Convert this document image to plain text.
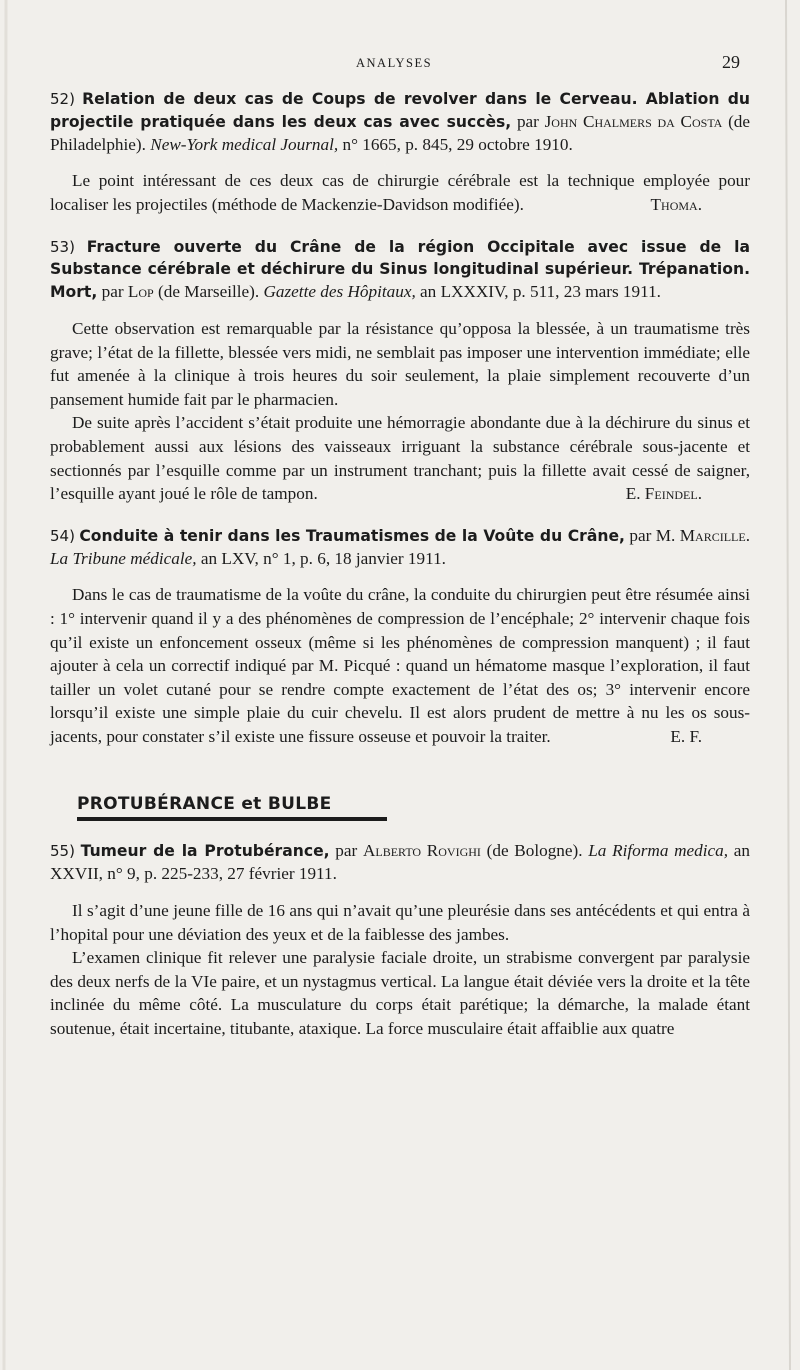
ANALYSES	29

52) Relation de deux cas de Coups de revolver dans le Cerveau. Ablation du projectile pratiquée dans les deux cas avec succès, par John Chalmers da Costa (de Philadelphie). New-York medical Journal, n° 1665, p. 845, 29 octobre 1910.

Le point intéressant de ces deux cas de chirurgie cérébrale est la technique employée pour localiser les projectiles (méthode de Mackenzie-Davidson modifiée).	Thoma.

53) Fracture ouverte du Crâne de la région Occipitale avec issue de la Substance cérébrale et déchirure du Sinus longitudinal supérieur. Trépanation. Mort, par Lop (de Marseille). Gazette des Hôpitaux, an LXXXIV, p. 511, 23 mars 1911.

Cette observation est remarquable par la résistance qu’opposa la blessée, à un traumatisme très grave; l’état de la fillette, blessée vers midi, ne semblait pas imposer une intervention immédiate; elle fut amenée à la clinique à trois heures du soir seulement, la plaie simplement recouverte d’un pansement humide fait par le pharmacien.

De suite après l’accident s’était produite une hémorragie abondante due à la déchirure du sinus et probablement aussi aux lésions des vaisseaux irriguant la substance cérébrale sous-jacente et sectionnés par l’esquille comme par un instrument tranchant; puis la fillette avait cessé de saigner, l’esquille ayant joué le rôle de tampon.	E. Feindel.

54) Conduite à tenir dans les Traumatismes de la Voûte du Crâne, par M. Marcille. La Tribune médicale, an LXV, n° 1, p. 6, 18 janvier 1911.

Dans le cas de traumatisme de la voûte du crâne, la conduite du chirurgien peut être résumée ainsi : 1° intervenir quand il y a des phénomènes de compression de l’encéphale; 2° intervenir chaque fois qu’il existe un enfoncement osseux (même si les phénomènes de compression manquent) ; il faut ajouter à cela un correctif indiqué par M. Picqué : quand un hématome masque l’exploration, il faut tailler un volet cutané pour se rendre compte exactement de l’état des os; 3° intervenir encore lorsqu’il existe une simple plaie du cuir chevelu. Il est alors prudent de mettre à nu les os sous-jacents, pour constater s’il existe une fissure osseuse et pouvoir la traiter.	E. F.

PROTUBÉRANCE et BULBE

55) Tumeur de la Protubérance, par Alberto Rovighi (de Bologne). La Riforma medica, an XXVII, n° 9, p. 225-233, 27 février 1911.

Il s’agit d’une jeune fille de 16 ans qui n’avait qu’une pleurésie dans ses antécédents et qui entra à l’hopital pour une déviation des yeux et de la faiblesse des jambes.

L’examen clinique fit relever une paralysie faciale droite, un strabisme convergent par paralysie des deux nerfs de la VIe paire, et un nystagmus vertical. La langue était déviée vers la droite et la tête inclinée du même côté. La musculature du corps était parétique; la démarche, la malade étant soutenue, était incertaine, titubante, ataxique. La force musculaire était affaiblie aux quatre
